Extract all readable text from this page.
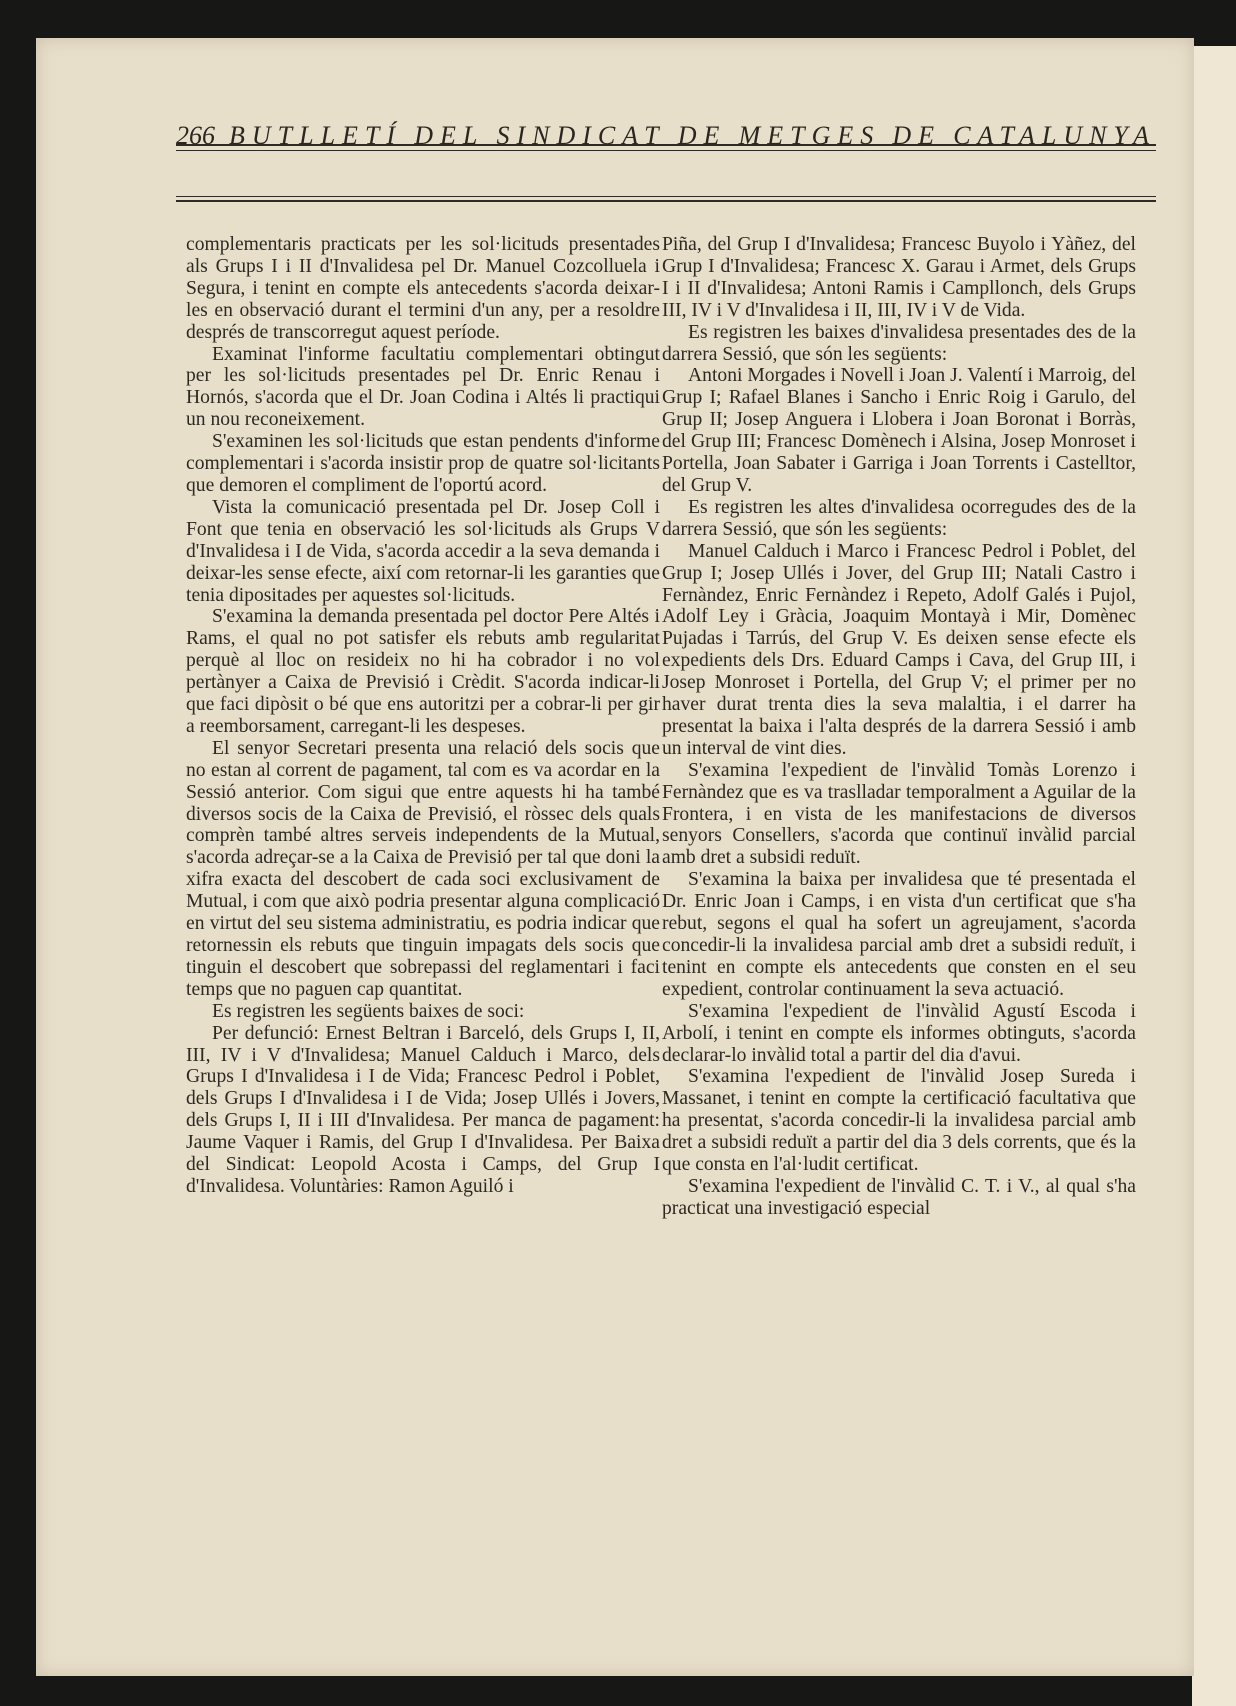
266 BUTLLETÍ DEL SINDICAT DE METGES DE CATALUNYA

complementaris practicats per les sol·licituds presentades als Grups I i II d'Invalidesa pel Dr. Manuel Cozcolluela i Segura, i tenint en compte els antecedents s'acorda deixar-les en observació durant el termini d'un any, per a resoldre després de transcorregut aquest període.

Examinat l'informe facultatiu complementari obtingut per les sol·licituds presentades pel Dr. Enric Renau i Hornós, s'acorda que el Dr. Joan Codina i Altés li practiqui un nou reconeixement.

S'examinen les sol·licituds que estan pendents d'informe complementari i s'acorda insistir prop de quatre sol·licitants que demoren el compliment de l'oportú acord.

Vista la comunicació presentada pel Dr. Josep Coll i Font que tenia en observació les sol·licituds als Grups V d'Invalidesa i I de Vida, s'acorda accedir a la seva demanda i deixar-les sense efecte, així com retornar-li les garanties que tenia dipositades per aquestes sol·licituds.

S'examina la demanda presentada pel doctor Pere Altés i Rams, el qual no pot satisfer els rebuts amb regularitat perquè al lloc on resideix no hi ha cobrador i no vol pertànyer a Caixa de Previsió i Crèdit. S'acorda indicar-li que faci dipòsit o bé que ens autoritzi per a cobrar-li per gir a reemborsament, carregant-li les despeses.

El senyor Secretari presenta una relació dels socis que no estan al corrent de pagament, tal com es va acordar en la Sessió anterior. Com sigui que entre aquests hi ha també diversos socis de la Caixa de Previsió, el ròssec dels quals comprèn també altres serveis independents de la Mutual, s'acorda adreçar-se a la Caixa de Previsió per tal que doni la xifra exacta del descobert de cada soci exclusivament de Mutual, i com que això podria presentar alguna complicació en virtut del seu sistema administratiu, es podria indicar que retornessin els rebuts que tinguin impagats dels socis que tinguin el descobert que sobrepassi del reglamentari i faci temps que no paguen cap quantitat.

Es registren les següents baixes de soci:

Per defunció: Ernest Beltran i Barceló, dels Grups I, II, III, IV i V d'Invalidesa; Manuel Calduch i Marco, dels Grups I d'Invalidesa i I de Vida; Francesc Pedrol i Poblet, dels Grups I d'Invalidesa i I de Vida; Josep Ullés i Jovers, dels Grups I, II i III d'Invalidesa. Per manca de pagament: Jaume Vaquer i Ramis, del Grup I d'Invalidesa. Per Baixa del Sindicat: Leopold Acosta i Camps, del Grup I d'Invalidesa. Voluntàries: Ramon Aguiló i

Piña, del Grup I d'Invalidesa; Francesc Buyolo i Yàñez, del Grup I d'Invalidesa; Francesc X. Garau i Armet, dels Grups I i II d'Invalidesa; Antoni Ramis i Campllonch, dels Grups III, IV i V d'Invalidesa i II, III, IV i V de Vida.

Es registren les baixes d'invalidesa presentades des de la darrera Sessió, que són les següents:

Antoni Morgades i Novell i Joan J. Valentí i Marroig, del Grup I; Rafael Blanes i Sancho i Enric Roig i Garulo, del Grup II; Josep Anguera i Llobera i Joan Boronat i Borràs, del Grup III; Francesc Domènech i Alsina, Josep Monroset i Portella, Joan Sabater i Garriga i Joan Torrents i Castelltor, del Grup V.

Es registren les altes d'invalidesa ocorregudes des de la darrera Sessió, que són les següents:

Manuel Calduch i Marco i Francesc Pedrol i Poblet, del Grup I; Josep Ullés i Jover, del Grup III; Natali Castro i Fernàndez, Enric Fernàndez i Repeto, Adolf Galés i Pujol, Adolf Ley i Gràcia, Joaquim Montayà i Mir, Domènec Pujadas i Tarrús, del Grup V. Es deixen sense efecte els expedients dels Drs. Eduard Camps i Cava, del Grup III, i Josep Monroset i Portella, del Grup V; el primer per no haver durat trenta dies la seva malaltia, i el darrer ha presentat la baixa i l'alta després de la darrera Sessió i amb un interval de vint dies.

S'examina l'expedient de l'invàlid Tomàs Lorenzo i Fernàndez que es va traslladar temporalment a Aguilar de la Frontera, i en vista de les manifestacions de diversos senyors Consellers, s'acorda que continuï invàlid parcial amb dret a subsidi reduït.

S'examina la baixa per invalidesa que té presentada el Dr. Enric Joan i Camps, i en vista d'un certificat que s'ha rebut, segons el qual ha sofert un agreujament, s'acorda concedir-li la invalidesa parcial amb dret a subsidi reduït, i tenint en compte els antecedents que consten en el seu expedient, controlar continuament la seva actuació.

S'examina l'expedient de l'invàlid Agustí Escoda i Arbolí, i tenint en compte els informes obtinguts, s'acorda declarar-lo invàlid total a partir del dia d'avui.

S'examina l'expedient de l'invàlid Josep Sureda i Massanet, i tenint en compte la certificació facultativa que ha presentat, s'acorda concedir-li la invalidesa parcial amb dret a subsidi reduït a partir del dia 3 dels corrents, que és la que consta en l'al·ludit certificat.

S'examina l'expedient de l'invàlid C. T. i V., al qual s'ha practicat una investigació especial
